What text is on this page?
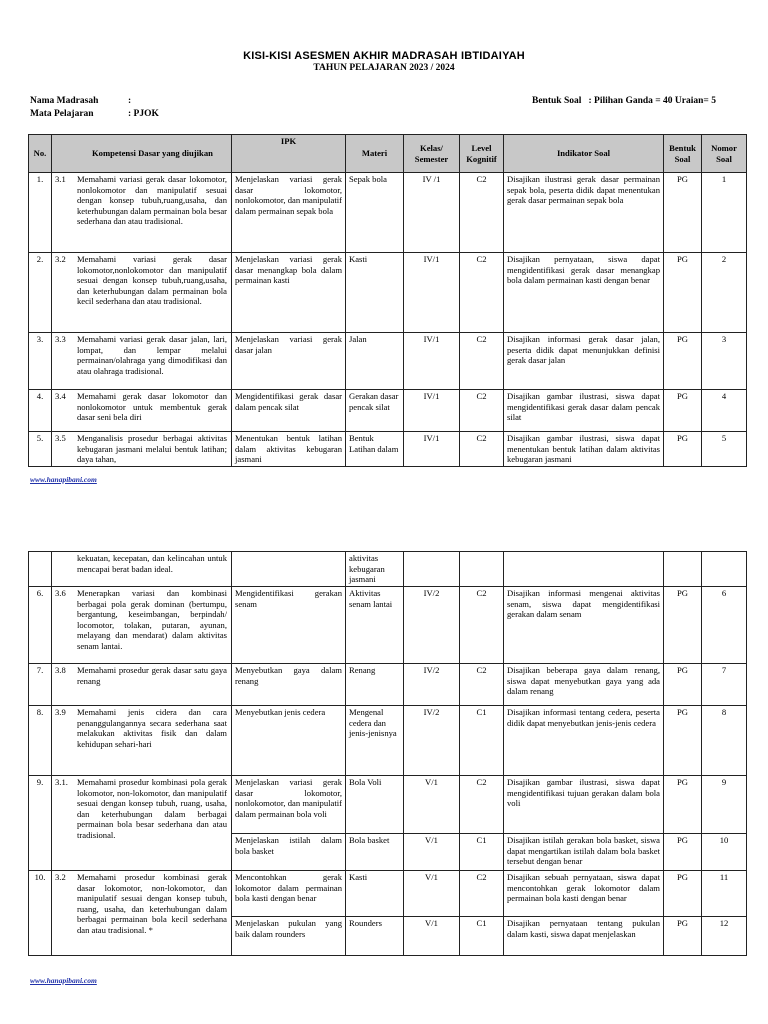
KISI-KISI ASESMEN AKHIR MADRASAH IBTIDAIYAH
TAHUN PELAJARAN 2023 / 2024
Nama Madrasah	:
Mata Pelajaran	: PJOK
Bentuk Soal   : Pilihan Ganda = 40 Uraian= 5
No.	Kompetensi Dasar yang diujikan	IPK	Materi	Kelas/ Semester	Level Kognitif	Indikator Soal	Bentuk Soal	Nomor Soal
1.	3.1 Memahami variasi gerak dasar lokomotor, nonlokomotor dan manipulatif sesuai dengan konsep tubuh,ruang,usaha, dan keterhubungan dalam permainan bola besar sederhana dan atau tradisional.	Menjelaskan variasi gerak dasar lokomotor, nonlokomotor, dan manipulatif dalam permainan sepak bola	Sepak bola	IV /1	C2	Disajikan ilustrasi gerak dasar permainan sepak bola, peserta didik dapat menentukan gerak dasar permainan sepak bola	PG	1
2.	3.2 Memahami variasi gerak dasar lokomotor,nonlokomotor dan manipulatif sesuai dengan konsep tubuh,ruang,usaha, dan keterhubungan dalam permainan bola kecil sederhana dan atau tradisional.	Menjelaskan variasi gerak dasar menangkap bola dalam permainan kasti	Kasti	IV/1	C2	Disajikan pernyataan, siswa dapat mengidentifikasi gerak dasar menangkap bola dalam permainan kasti dengan benar	PG	2
3.	3.3 Memahami variasi gerak dasar jalan, lari, lompat, dan lempar melalui permainan/olahraga yang dimodifikasi dan atau olahraga tradisional.	Menjelaskan variasi gerak dasar jalan	Jalan	IV/1	C2	Disajikan informasi gerak dasar jalan, peserta didik dapat menunjukkan definisi gerak dasar jalan	PG	3
4.	3.4 Memahami gerak dasar lokomotor dan nonlokomotor untuk membentuk gerak dasar seni bela diri	Mengidentifikasi gerak dasar dalam pencak silat	Gerakan dasar pencak silat	IV/1	C2	Disajikan gambar ilustrasi, siswa dapat mengidentifikasi gerak dasar dalam pencak silat	PG	4
5.	3.5 Menganalisis prosedur berbagai aktivitas kebugaran jasmani melalui bentuk latihan; daya tahan,	Menentukan bentuk latihan dalam aktivitas kebugaran jasmani	Bentuk Latihan dalam	IV/1	C2	Disajikan gambar ilustrasi, siswa dapat menentukan bentuk latihan dalam aktivitas kebugaran jasmani	PG	5
www.hanapibani.com
	kekuatan, kecepatan, dan kelincahan untuk mencapai berat badan ideal.		aktivitas kebugaran jasmani					
6.	3.6 Menerapkan variasi dan kombinasi berbagai pola gerak dominan (bertumpu, bergantung, keseimbangan, berpindah/ locomotor, tolakan, putaran, ayunan, melayang dan mendarat) dalam aktivitas senam lantai.	Mengidentifikasi gerakan senam	Aktivitas senam lantai	IV/2	C2	Disajikan informasi mengenai aktivitas senam, siswa dapat mengidentifikasi gerakan dalam senam	PG	6
7.	3.8 Memahami prosedur gerak dasar satu gaya renang	Menyebutkan gaya dalam renang	Renang	IV/2	C2	Disajikan beberapa gaya dalam renang, siswa dapat menyebutkan gaya yang ada dalam renang	PG	7
8.	3.9 Memahami jenis cidera dan cara penanggulangannya secara sederhana saat melakukan aktivitas fisik dan dalam kehidupan sehari-hari	Menyebutkan jenis cedera	Mengenal cedera dan jenis-jenisnya	IV/2	C1	Disajikan informasi tentang cedera, peserta didik dapat menyebutkan jenis-jenis cedera	PG	8
9.	3.1. Memahami prosedur kombinasi pola gerak lokomotor, non-lokomotor, dan manipulatif sesuai dengan konsep tubuh, ruang, usaha, dan keterhubungan dalam berbagai permainan bola besar sederhana dan atau tradisional.	Menjelaskan variasi gerak dasar lokomotor, nonlokomotor, dan manipulatif dalam permainan bola voli	Bola Voli	V/1	C2	Disajikan gambar ilustrasi, siswa dapat mengidentifikasi tujuan gerakan dalam bola voli	PG	9
		Menjelaskan istilah dalam bola basket	Bola basket	V/1	C1	Disajikan istilah gerakan bola basket, siswa dapat mengartikan istilah dalam bola basket tersebut dengan benar	PG	10
10.	3.2 Memahami prosedur kombinasi gerak dasar lokomotor, non-lokomotor, dan manipulatif sesuai dengan konsep tubuh, ruang, usaha, dan keterhubungan dalam berbagai permainan bola kecil sederhana dan atau tradisional. *	Mencontohkan gerak lokomotor dalam permainan bola kasti dengan benar	Kasti	V/1	C2	Disajikan sebuah pernyataan, siswa dapat mencontohkan gerak lokomotor dalam permainan bola kasti dengan benar	PG	11
		Menjelaskan pukulan yang baik dalam rounders	Rounders	V/1	C1	Disajikan pernyataan tentang pukulan dalam kasti, siswa dapat menjelaskan	PG	12
www.hanapibani.com
